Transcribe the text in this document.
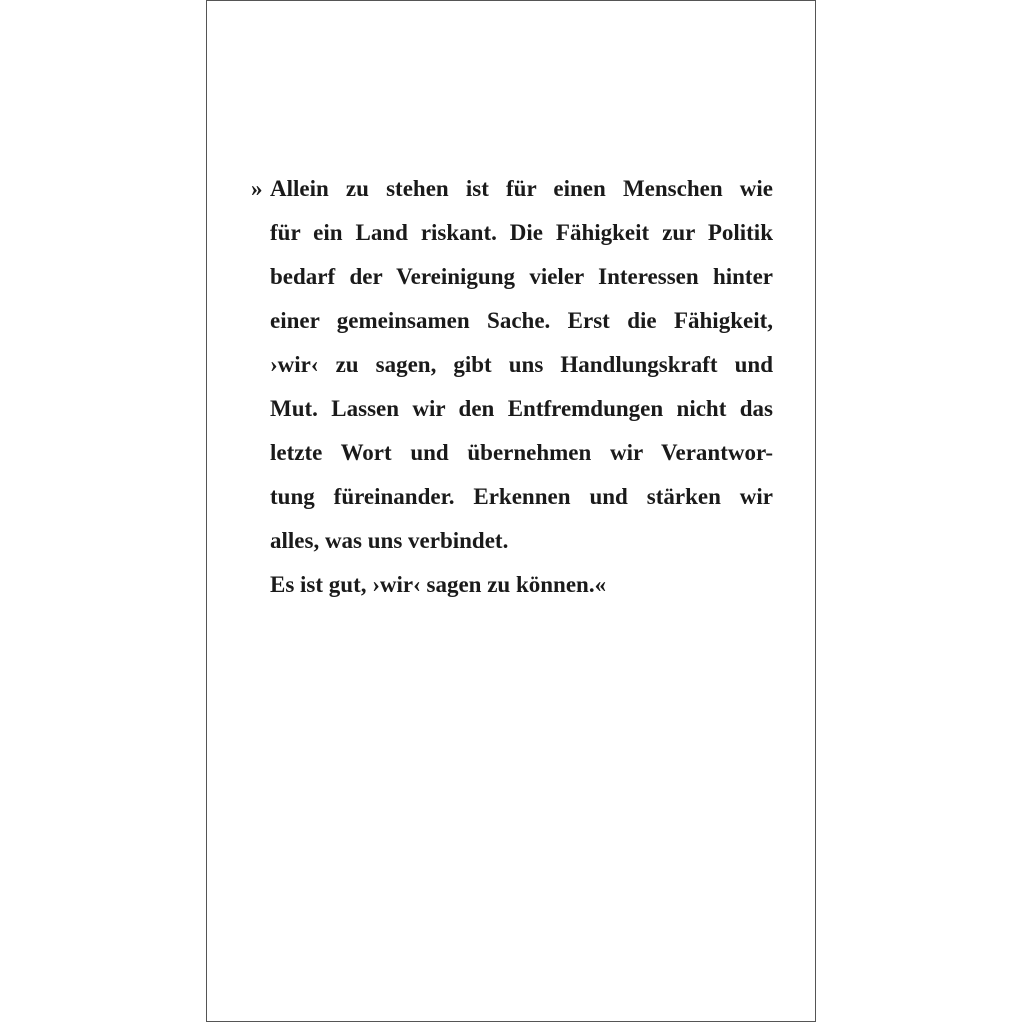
» Allein zu stehen ist für einen Menschen wie
für ein Land riskant. Die Fähigkeit zur Politik
bedarf der Vereinigung vieler Interessen hinter
einer gemeinsamen Sache. Erst die Fähigkeit,
›wir‹ zu sagen, gibt uns Handlungskraft und
Mut. Lassen wir den Entfremdungen nicht das
letzte Wort und übernehmen wir Verantwor-
tung füreinander. Erkennen und stärken wir
alles, was uns verbindet.
Es ist gut, ›wir‹ sagen zu können.«
